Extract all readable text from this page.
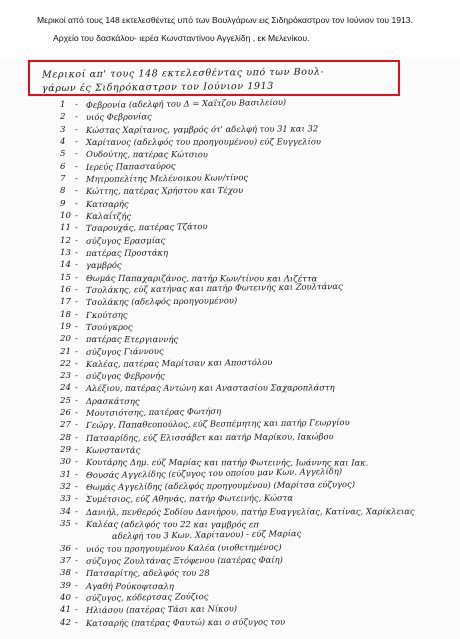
Μερικοί από τους 148 εκτελεσθέντες υπό των Βουλγάρων εις Σιδηρόκαστρον τον Ιούνιον του 1913.

Αρχείο του δασκάλου- ιερέα Κωνσταντίνου Αγγελίδη , εκ Μελενίκου.

Μερικοί απ' τους 148 εκτελεσθέντας υπό των Βουλ-
γάρων ές Σιδηρόκαστρον τον Ιούνιον 1913
1 - Φεβρονία (αδελφή του Δ = Χαϊτζου Βασιλείου)
2 - υιός Φεβρονίας
3 - Κώστας Χαρίτανος, γαμβρός ότ' αδελφή του 31 και 32
4 - Χαρίτανος (αδελφός του προηγουμένου) εύζ Ευγγελίου
5 - Ουδούτης, πατέρας Κώτσιου
6 - Ιερεύς Παπασταύρος
7 - Μητροπελίτης Μελένοικου Κων/τίνος
8 - Κώττης, πατέρας Χρήστου και Τέχου
9 - Κατσαρής
10 - Καλαΐτζής
11 - Τσαρουχάς, πατέρας Τζάτου
12 - σύζυγος Ερασμίας
13 - πατέρας Προστάκη
14 - γαμβρός
15 - Θωμάς Παπαχαριζάνος, πατήρ Κων/τίνου και Λιζέττα
16 - Τσολάκης, εύζ κατήνας και πατήρ Φωτεινής και Ζουλτάνας
17 - Τσολάκης (αδελφός προηγουμένου)
18 - Γκούτσης
19 - Τσούγκρος
20 - πατέρας Ετεργιαννής
21 - σύζυγος Γιάννους
22 - Καλέας, πατέρας Μαρίτσαν και Αποστόλου
23 - σύζυγος Φεβρονής
24 - Αλέξιου, πατέρας Αντώνη και Αναστασίου Σαχαροπλάστη
25 - Δρασκάτσης
26 - Μουτσιότσης, πατέρας Φωτήση
27 - Γεώργ. Παπαθεοπούλος, εύζ Βεσπέμητης και πατήρ Γεωργίου
28 - Πατσαρίδης, εύζ Ελισσάβετ και πατήρ Μαρίκου, Ιακώβου
29 - Κωνσταντάς
30 - Κουτάρης Δημ. εύζ Μαρίας και πατήρ Φωτεινής, Ιωάννης και Ιακ.
31 - Θουσάς Αγγελίδης (εύζυγος του οποίου μαν Κων. Αγγελίδη)
32 - Θωμάς Αγγελίδης (αδελφός προηγουμένου) (Μαρίτσα εύζυγος)
33 - Συμέτσιος, εύζ Αθηνάς, πατήρ Φωτεινής, Κώστα
34 - Δανιήλ, πενθερός Σοδίου Δανιήρου, πατήρ Ευαγγελίας, Κατίνας, Χαρίκλειας
35 - Καλέας (αδελφός του 22 και γαμβρός επ
αδελφή του 3 Κων. Χαρίτανου) - εύζ Μαρίας
36 - υιός του προηγουμένου Καλέα (υιοθετημένος)
37 - σύζυγος Ζουλτάνας Ξτόφενου (πατέρας Φαίη)
38 - Πατσαρίτης, αδελφός του 28
39 - Αγαθή Ρούκοφτσαλη
40 - σύζυγος, κόδερτσας Ζούζιος
41 - Ηλιάσου (πατέρας Τάσι και Νίκου)
42 - Κατσαρής (πατέρας Φαυτώ) και ο σύζυγος του
